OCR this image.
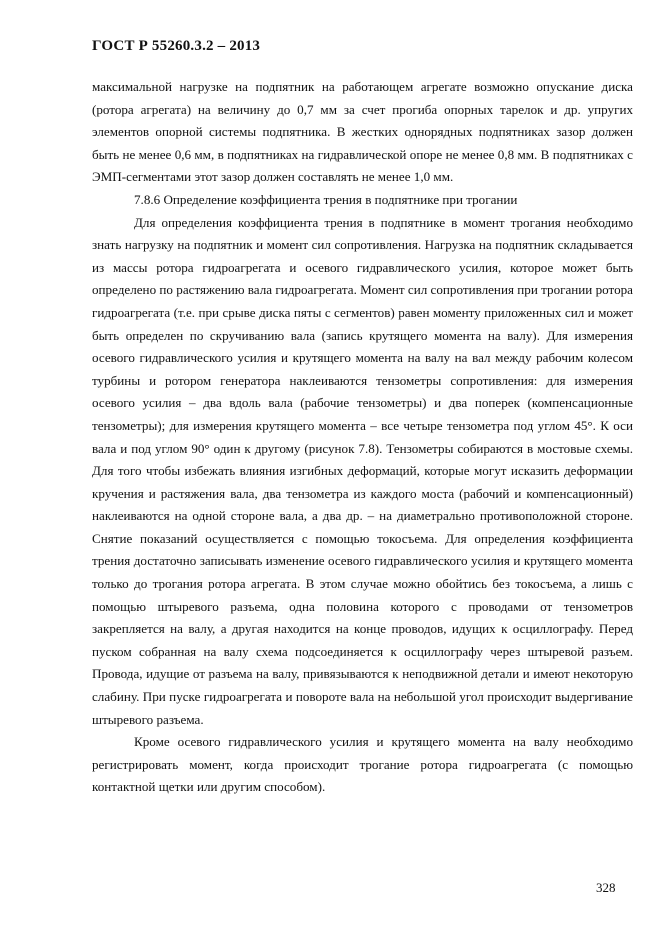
ГОСТ Р 55260.3.2 – 2013

максимальной нагрузке на подпятник на работающем агрегате возможно опускание диска (ротора агрегата) на величину до 0,7 мм за счет прогиба опорных тарелок и др. упругих элементов опорной системы подпятника. В жестких однорядных подпятниках зазор должен быть не менее 0,6 мм, в подпятниках на гидравлической опоре не менее 0,8 мм. В подпятниках с ЭМП-сегментами этот зазор должен составлять не менее 1,0 мм.

7.8.6 Определение коэффициента трения в подпятнике при трогании

Для определения коэффициента трения в подпятнике в момент трогания необходимо знать нагрузку на подпятник и момент сил сопротивления. Нагрузка на подпятник складывается из массы ротора гидроагрегата и осевого гидравлического усилия, которое может быть определено по растяжению вала гидроагрегата. Момент сил сопротивления при трогании ротора гидроагрегата (т.е. при срыве диска пяты с сегментов) равен моменту приложенных сил и может быть определен по скручиванию вала (запись крутящего момента на валу). Для измерения осевого гидравлического усилия и крутящего момента на валу на вал между рабочим колесом турбины и ротором генератора наклеиваются тензометры сопротивления: для измерения осевого усилия – два вдоль вала (рабочие тензометры) и два поперек (компенсационные тензометры); для измерения крутящего момента – все четыре тензометра под углом 45°. К оси вала и под углом 90° один к другому (рисунок 7.8). Тензометры собираются в мостовые схемы. Для того чтобы избежать влияния изгибных деформаций, которые могут исказить деформации кручения и растяжения вала, два тензометра из каждого моста (рабочий и компенсационный) наклеиваются на одной стороне вала, а два др. – на диаметрально противоположной стороне. Снятие показаний осуществляется с помощью токосъема. Для определения коэффициента трения достаточно записывать изменение осевого гидравлического усилия и крутящего момента только до трогания ротора агрегата. В этом случае можно обойтись без токосъема, а лишь с помощью штыревого разъема, одна половина которого с проводами от тензометров закрепляется на валу, а другая находится на конце проводов, идущих к осциллографу. Перед пуском собранная на валу схема подсоединяется к осциллографу через штыревой разъем. Провода, идущие от разъема на валу, привязываются к неподвижной детали и имеют некоторую слабину. При пуске гидроагрегата и повороте вала на небольшой угол происходит выдергивание штыревого разъема.

Кроме осевого гидравлического усилия и крутящего момента на валу необходимо регистрировать момент, когда происходит трогание ротора гидроагрегата (с помощью контактной щетки или другим способом).

328
